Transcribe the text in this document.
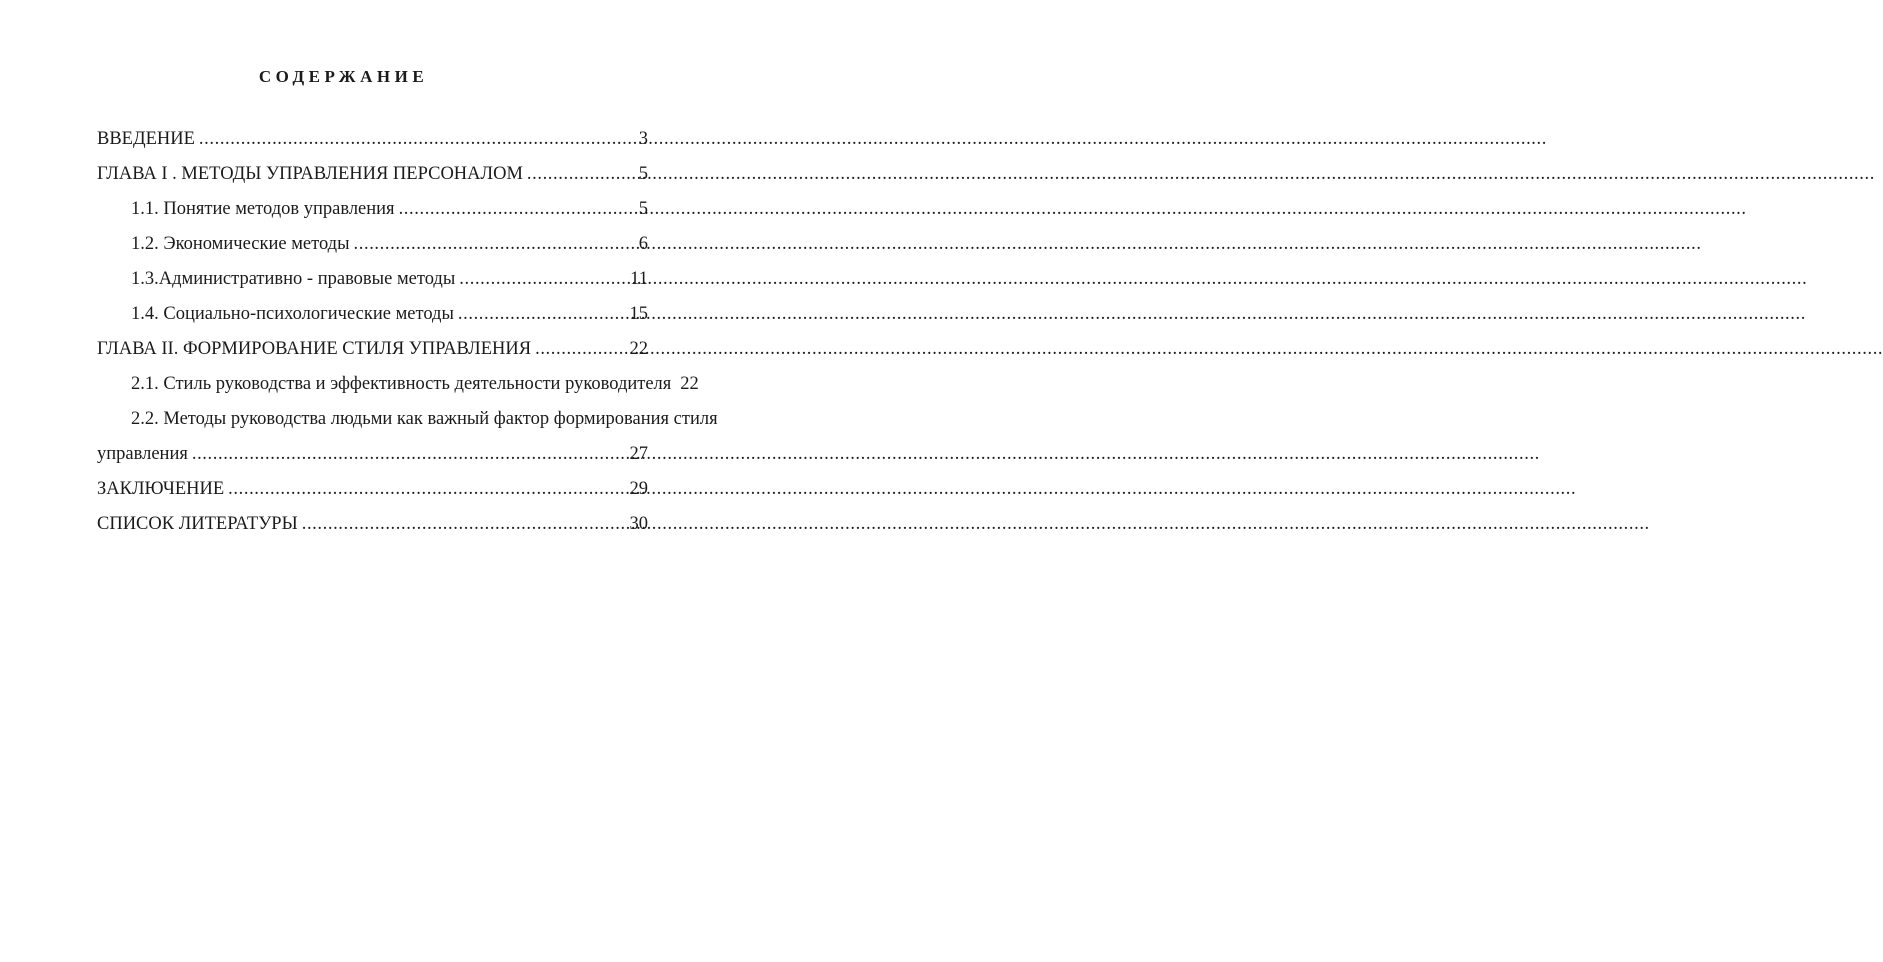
СОДЕРЖАНИЕ
ВВЕДЕНИЕ .....	3
ГЛАВА I . МЕТОДЫ УПРАВЛЕНИЯ ПЕРСОНАЛОМ .....	5
1.1. Понятие методов управления .....	5
1.2. Экономические методы .....	6
1.3.Административно - правовые методы .....	11
1.4. Социально-психологические методы .....	15
ГЛАВА II. ФОРМИРОВАНИЕ СТИЛЯ УПРАВЛЕНИЯ .....	22
2.1. Стиль руководства и эффективность деятельности руководителя 22
2.2. Методы руководства людьми как важный фактор формирования стиля
управления .....	27
ЗАКЛЮЧЕНИЕ .....	29
СПИСОК ЛИТЕРАТУРЫ .....	30
